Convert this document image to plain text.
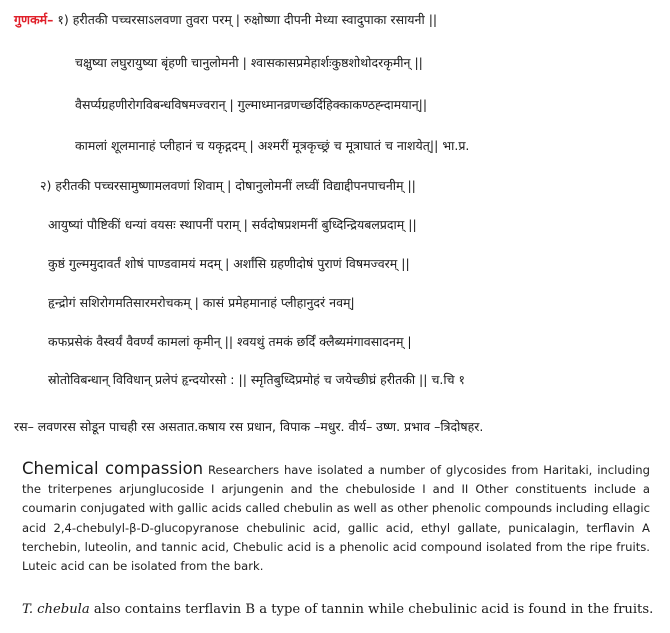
गुणकर्म– १) हरीतकी पच्चरसाऽलवणा तुवरा परम् | रुक्षोष्णा दीपनी मेध्या स्वादुपाका रसायनी ||
चक्षुष्या लघुरायुष्या बृंहणी चानुलोमनी | श्वासकासप्रमेहार्शःकुष्ठशोथोदरकृमीन् ||
वैसर्प्यग्रहणीरोगविबन्धविषमज्वरान् | गुल्माध्मानव्रणच्छर्दिहिक्काकण्ठह्न्दामयान्||
कामलां शूलमानाहं प्लीहानं च यकृद्गदम् | अश्मरीं मूत्रकृच्छ्रं च मूत्राघातं च नाशयेत्|| भा.प्र.
२) हरीतकी पच्चरसामुष्णामलवणां शिवाम् | दोषानुलोमनीं लघ्वीं विद्याद्दीपनपाचनीम् ||
आयुष्यां पौष्टिकीं धन्यां वयसः स्थापनीं पराम् | सर्वदोषप्रशमनीं बुध्दिन्द्रियबलप्रदाम् ||
कुष्ठं गुल्ममुदावर्तं शोषं पाण्डवामयं मदम् | अर्शांसि ग्रहणीदोषं पुराणं विषमज्वरम् ||
हृन्द्रोगं सशिरोगमतिसारमरोचकम् | कासं प्रमेहमानाहं प्लीहानुदरं नवम्|
कफप्रसेकं वैस्वर्यं वैवर्ण्यं कामलां कृमीन् || श्वयथुं तमकं छर्दिं क्लैब्यमंगावसादनम् |
स्रोतोविबन्धान् विविधान् प्रलेपं हृन्दयोरसो : || स्मृतिबुध्दिप्रमोहं च जयेच्छीघ्रं हरीतकी || च.चि १
रस– लवणरस सोडून पाचही रस असतात.कषाय रस प्रधान, विपाक –मधुर. वीर्य– उष्ण. प्रभाव –त्रिदोषहर.
Chemical compassion Researchers have isolated a number of glycosides from Haritaki, including the triterpenes arjunglucoside I arjungenin and the chebuloside I and II Other constituents include a coumarin conjugated with gallic acids called chebulin as well as other phenolic compounds including ellagic acid 2,4-chebulyl-β-D-glucopyranose chebulinic acid, gallic acid, ethyl gallate, punicalagin, terflavin A terchebin, luteolin, and tannic acid, Chebulic acid is a phenolic acid compound isolated from the ripe fruits. Luteic acid can be isolated from the bark.
T. chebula also contains terflavin B a type of tannin while chebulinic acid is found in the fruits.
